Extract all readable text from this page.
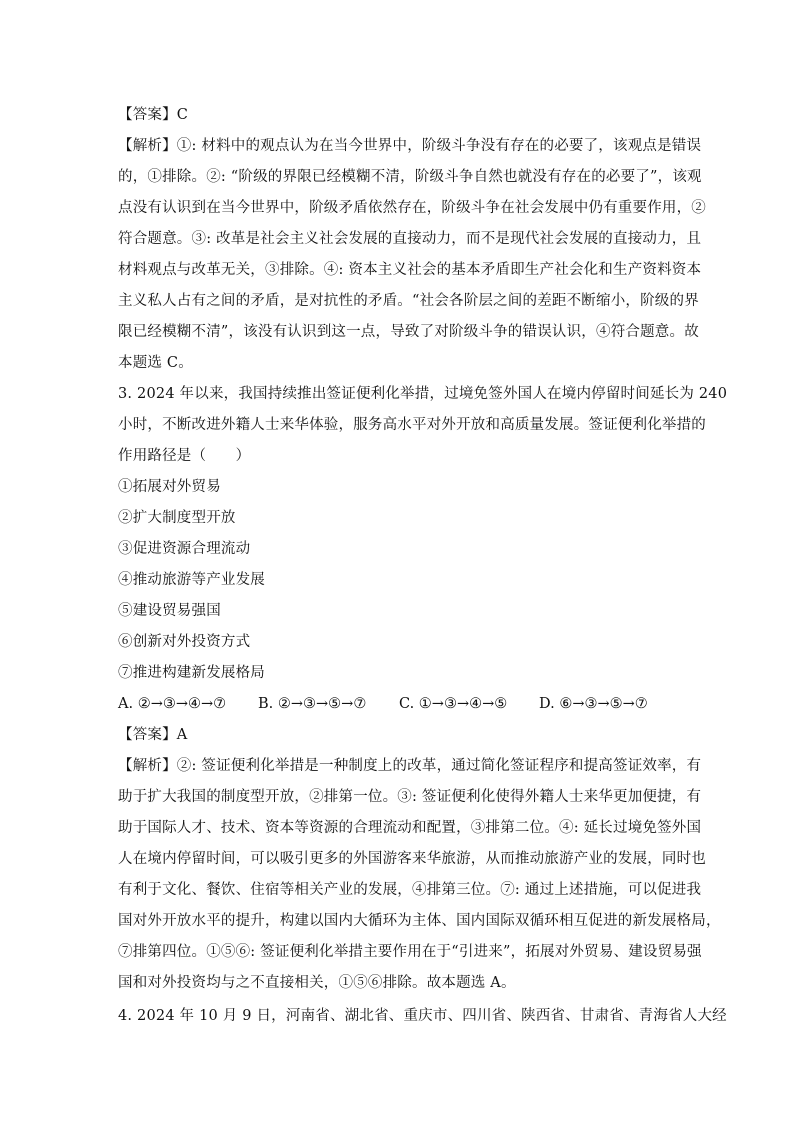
【答案】C
【解析】①: 材料中的观点认为在当今世界中，阶级斗争没有存在的必要了，该观点是错误
的，①排除。②: “阶级的界限已经模糊不清，阶级斗争自然也就没有存在的必要了”，该观
点没有认识到在当今世界中，阶级矛盾依然存在，阶级斗争在社会发展中仍有重要作用，②
符合题意。③: 改革是社会主义社会发展的直接动力，而不是现代社会发展的直接动力，且
材料观点与改革无关，③排除。④: 资本主义社会的基本矛盾即生产社会化和生产资料资本
主义私人占有之间的矛盾，是对抗性的矛盾。“社会各阶层之间的差距不断缩小，阶级的界
限已经模糊不清”，该没有认识到这一点，导致了对阶级斗争的错误认识，④符合题意。故
本题选 C。
3. 2024 年以来，我国持续推出签证便利化举措，过境免签外国人在境内停留时间延长为 240
小时，不断改进外籍人士来华体验，服务高水平对外开放和高质量发展。签证便利化举措的
作用路径是（　　）
①拓展对外贸易
②扩大制度型开放
③促进资源合理流动
④推动旅游等产业发展
⑤建设贸易强国
⑥创新对外投资方式
⑦推进构建新发展格局
A. ②→③→④→⑦	B. ②→③→⑤→⑦	C. ①→③→④→⑤	D. ⑥→③→⑤→⑦
【答案】A
【解析】②: 签证便利化举措是一种制度上的改革，通过简化签证程序和提高签证效率，有
助于扩大我国的制度型开放，②排第一位。③: 签证便利化使得外籍人士来华更加便捷，有
助于国际人才、技术、资本等资源的合理流动和配置，③排第二位。④: 延长过境免签外国
人在境内停留时间，可以吸引更多的外国游客来华旅游，从而推动旅游产业的发展，同时也
有利于文化、餐饮、住宿等相关产业的发展，④排第三位。⑦: 通过上述措施，可以促进我
国对外开放水平的提升，构建以国内大循环为主体、国内国际双循环相互促进的新发展格局，
⑦排第四位。①⑤⑥: 签证便利化举措主要作用在于“引进来”，拓展对外贸易、建设贸易强
国和对外投资均与之不直接相关，①⑤⑥排除。故本题选 A。
4. 2024 年 10 月 9 日，河南省、湖北省、重庆市、四川省、陕西省、甘肃省、青海省人大经
